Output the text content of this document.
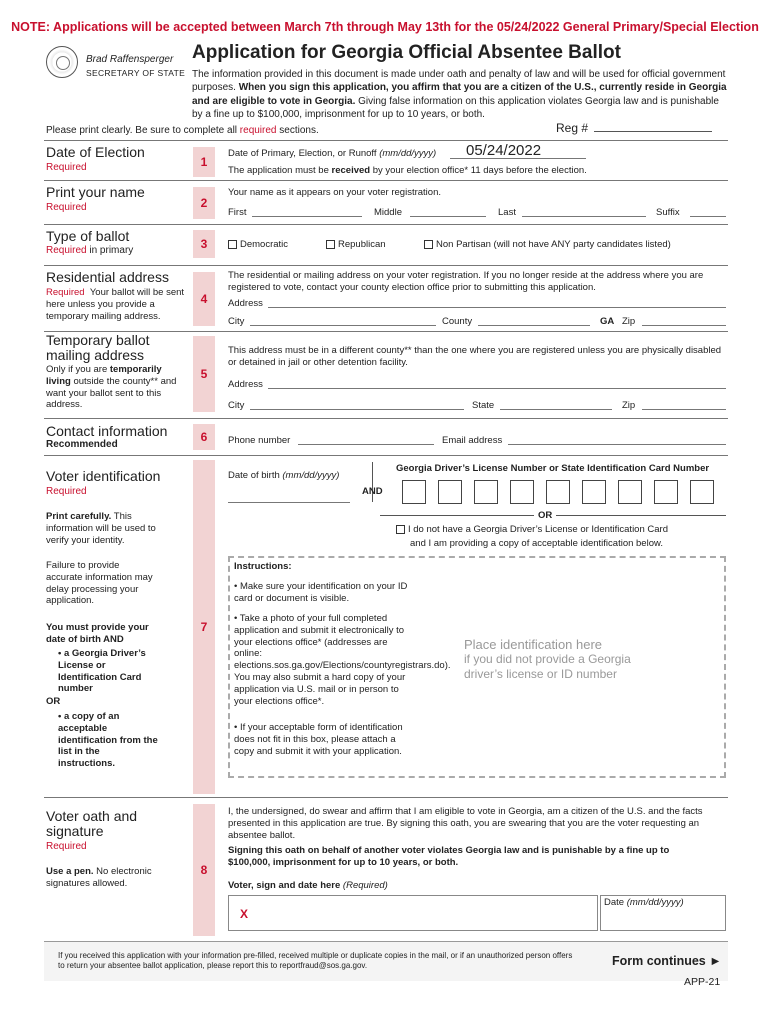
NOTE: Applications will be accepted between March 7th through May 13th for the 05/24/2022 General Primary/Special Election
Brad Raffensperger
SECRETARY OF STATE
Application for Georgia Official Absentee Ballot
The information provided in this document is made under oath and penalty of law and will be used for official government purposes. When you sign this application, you affirm that you are a citizen of the U.S., currently reside in Georgia and are eligible to vote in Georgia. Giving false information on this application violates Georgia law and is punishable by a fine up to $100,000, imprisonment for up to 10 years, or both.
Please print clearly. Be sure to complete all required sections.	Reg #
Date of Election
Required	1
Date of Primary, Election, or Runoff (mm/dd/yyyy) 05/24/2022
The application must be received by your election office* 11 days before the election.
Print your name
Required	2
Your name as it appears on your voter registration.
First	Middle	Last	Suffix
Type of ballot
Required in primary	3	Democratic	Republican	Non Partisan (will not have ANY party candidates listed)
Residential address
Required Your ballot will be sent here unless you provide a temporary mailing address.
4
The residential or mailing address on your voter registration. If you no longer reside at the address where you are registered to vote, contact your county election office prior to submitting this application.
Address
City	County	GA Zip
Temporary ballot
mailing address
Only if you are temporarily living outside the county** and want your ballot sent to this address.
5
This address must be in a different county** than the one where you are registered unless you are physically disabled or detained in jail or other detention facility.
Address
City	State	Zip
Contact information
Recommended
6	Phone number	Email address
Voter identification
Required
Print carefully. This information will be used to verify your identity.
Failure to provide accurate information may delay processing your application.
You must provide your date of birth AND
• a Georgia Driver’s License or Identification Card number
OR
• a copy of an acceptable identification from the list in the instructions.
7
Date of birth (mm/dd/yyyy)
AND
Georgia Driver’s License Number or State Identification Card Number
OR
I do not have a Georgia Driver’s License or Identification Card
and I am providing a copy of acceptable identification below.
Instructions:
• Make sure your identification on your ID card or document is visible.
• Take a photo of your full completed application and submit it electronically to your elections office* (addresses are online: elections.sos.ga.gov/Elections/countyregistrars.do). You may also submit a hard copy of your application via U.S. mail or in person to your elections office*.
• If your acceptable form of identification does not fit in this box, please attach a copy and submit it with your application.
Place identification here
if you did not provide a Georgia driver’s license or ID number
Voter oath and
signature
Required
Use a pen. No electronic signatures allowed.
8
I, the undersigned, do swear and affirm that I am eligible to vote in Georgia, am a citizen of the U.S. and the facts presented in this application are true. By signing this oath, you are swearing that you are the voter requesting an absentee ballot.
Signing this oath on behalf of another voter violates Georgia law and is punishable by a fine up to $100,000, imprisonment for up to 10 years, or both.
Voter, sign and date here (Required)
X
Date (mm/dd/yyyy)
If you received this application with your information pre-filled, received multiple or duplicate copies in the mail, or if an unauthorized person offers to return your absentee ballot application, please report this to reportfraud@sos.ga.gov.	Form continues ►
APP-21
